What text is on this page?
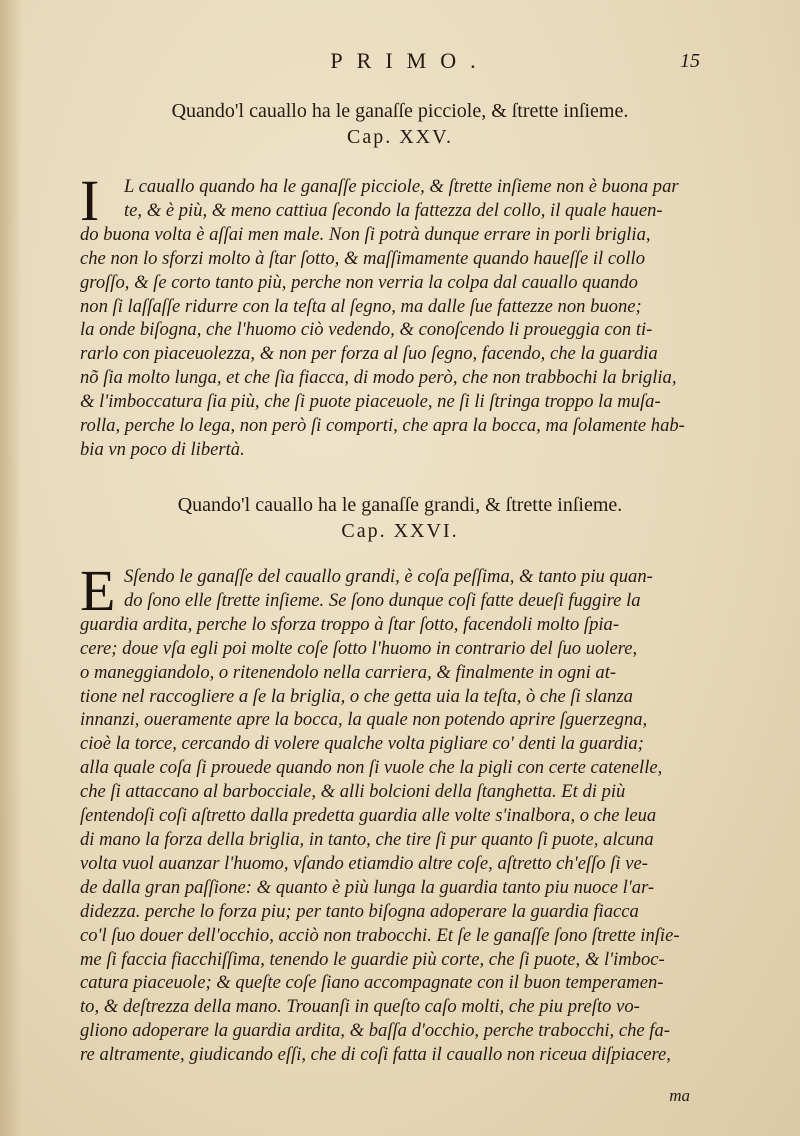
PRIMO.	15
Quando'l cauallo ha le ganaſſe picciole, & ſtrette inſieme.
Cap. XXV.
I	L cauallo quando ha le ganaſſe picciole, & ſtrette inſieme non è buona par
te, & è più, & meno cattiua ſecondo la fattezza del collo, il quale hauen-
do buona volta è aſſai men male. Non ſi potrà dunque errare in porli briglia,
che non lo sforzi molto à ſtar ſotto, & maſſimamente quando haueſſe il collo
groſſo, & ſe corto tanto più, perche non verria la colpa dal cauallo quando
non ſi laſſaſſe ridurre con la teſta al ſegno, ma dalle ſue fattezze non buone;
la onde biſogna, che l'huomo ciò vedendo, & conoſcendo li proueggia con ti-
rarlo con piaceuolezza, & non per forza al ſuo ſegno, facendo, che la guardia
nõ ſia molto lunga, et che ſia fiacca, di modo però, che non trabbochi la briglia,
& l'imboccatura ſia più, che ſi puote piaceuole, ne ſi li ſtringa troppo la muſa-
rolla, perche lo lega, non però ſi comporti, che apra la bocca, ma ſolamente hab-
bia vn poco di libertà.
Quando'l cauallo ha le ganaſſe grandi, & ſtrette inſieme.
Cap. XXVI.
E Sſendo le ganaſſe del cauallo grandi, è coſa peſſima, & tanto piu quan-
do ſono elle ſtrette inſieme. Se ſono dunque coſi fatte deueſi fuggire la
guardia ardita, perche lo sforza troppo à ſtar ſotto, facendoli molto ſpia-
cere; doue vſa egli poi molte coſe ſotto l'huomo in contrario del ſuo uolere,
o maneggiandolo, o ritenendolo nella carriera, & finalmente in ogni at-
tione nel raccogliere a ſe la briglia, o che getta uia la teſta, ò che ſi slanza
innanzi, oueramente apre la bocca, la quale non potendo aprire ſguerzegna,
cioè la torce, cercando di volere qualche volta pigliare co' denti la guardia;
alla quale coſa ſi prouede quando non ſi vuole che la pigli con certe catenelle,
che ſi attaccano al barbocciale, & alli bolcioni della ſtanghetta. Et di più
ſentendoſi coſi aſtretto dalla predetta guardia alle volte s'inalbora, o che leua
di mano la forza della briglia, in tanto, che tire ſi pur quanto ſi puote, alcuna
volta vuol auanzar l'huomo, vſando etiamdio altre coſe, aſtretto ch'eſſo ſi ve-
de dalla gran paſſione: & quanto è più lunga la guardia tanto piu nuoce l'ar-
didezza. perche lo forza piu; per tanto biſogna adoperare la guardia fiacca
co'l ſuo douer dell'occhio, acciò non trabocchi. Et ſe le ganaſſe ſono ſtrette inſie-
me ſi faccia fiacchiſſima, tenendo le guardie più corte, che ſi puote, & l'imboc-
catura piaceuole; & queſte coſe ſiano accompagnate con il buon temperamen-
to, & deſtrezza della mano. Trouanſi in queſto caſo molti, che piu preſto vo-
gliono adoperare la guardia ardita, & baſſa d'occhio, perche trabocchi, che fa-
re altramente, giudicando eſſi, che di coſi fatta il cauallo non riceua diſpiacere,
ma
